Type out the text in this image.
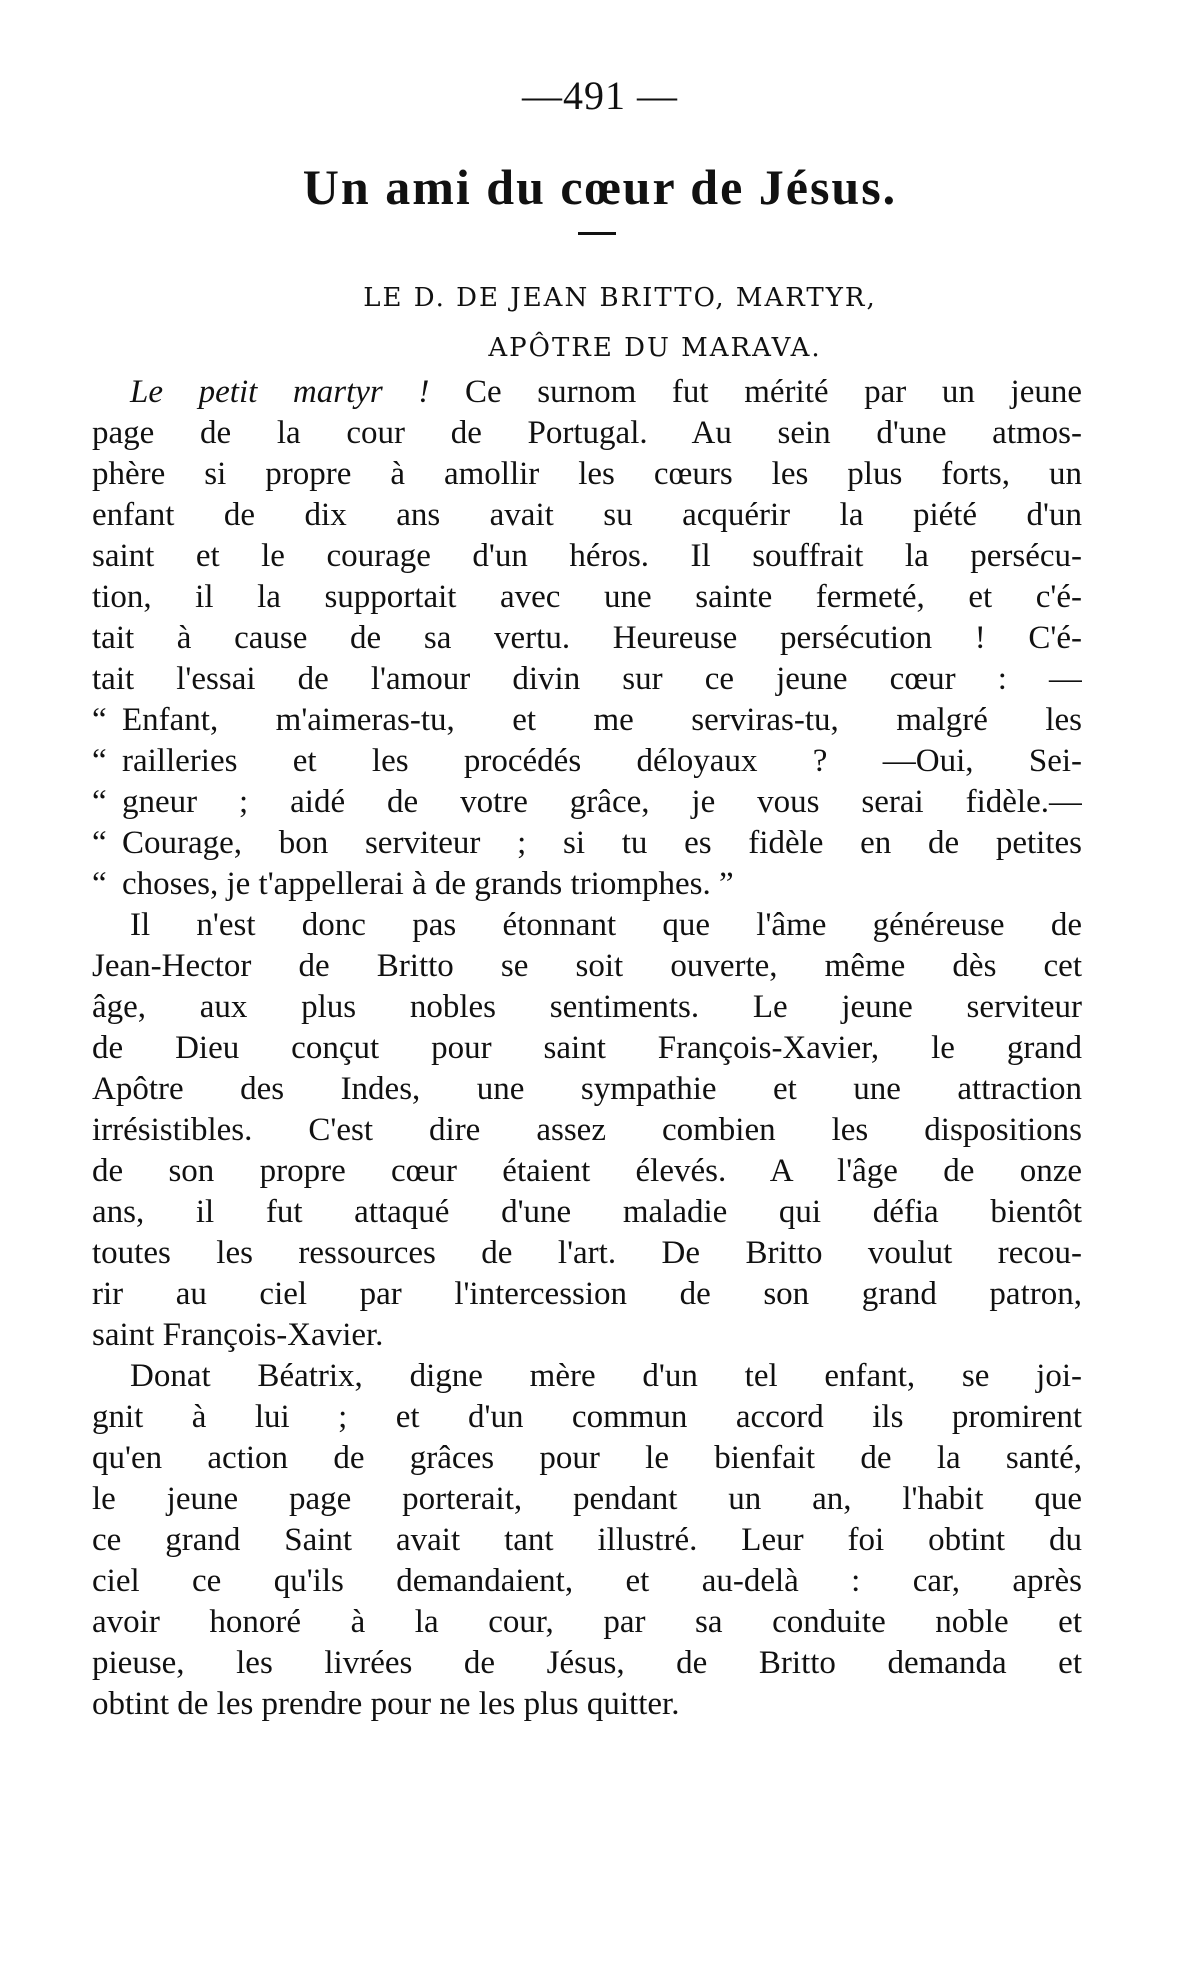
—491 —
Un ami du cœur de Jésus.
LE D. DE JEAN BRITTO, MARTYR,
APÔTRE DU MARAVA.
Le petit martyr ! Ce surnom fut mérité par un jeune
page de la cour de Portugal. Au sein d'une atmos-
phère si propre à amollir les cœurs les plus forts, un
enfant de dix ans avait su acquérir la piété d'un
saint et le courage d'un héros. Il souffrait la persécu-
tion, il la supportait avec une sainte fermeté, et c'é-
tait à cause de sa vertu. Heureuse persécution ! C'é-
tait l'essai de l'amour divin sur ce jeune cœur : —
“ Enfant, m'aimeras-tu, et me serviras-tu, malgré les
“ railleries et les procédés déloyaux ? —Oui, Sei-
“ gneur ; aidé de votre grâce, je vous serai fidèle.—
“ Courage, bon serviteur ; si tu es fidèle en de petites
“ choses, je t'appellerai à de grands triomphes. ”
Il n'est donc pas étonnant que l'âme généreuse de
Jean-Hector de Britto se soit ouverte, même dès cet
âge, aux plus nobles sentiments. Le jeune serviteur
de Dieu conçut pour saint François-Xavier, le grand
Apôtre des Indes, une sympathie et une attraction
irrésistibles. C'est dire assez combien les dispositions
de son propre cœur étaient élevés. A l'âge de onze
ans, il fut attaqué d'une maladie qui défia bientôt
toutes les ressources de l'art. De Britto voulut recou-
rir au ciel par l'intercession de son grand patron,
saint François-Xavier.
Donat Béatrix, digne mère d'un tel enfant, se joi-
gnit à lui ; et d'un commun accord ils promirent
qu'en action de grâces pour le bienfait de la santé,
le jeune page porterait, pendant un an, l'habit que
ce grand Saint avait tant illustré. Leur foi obtint du
ciel ce qu'ils demandaient, et au-delà : car, après
avoir honoré à la cour, par sa conduite noble et
pieuse, les livrées de Jésus, de Britto demanda et
obtint de les prendre pour ne les plus quitter.
